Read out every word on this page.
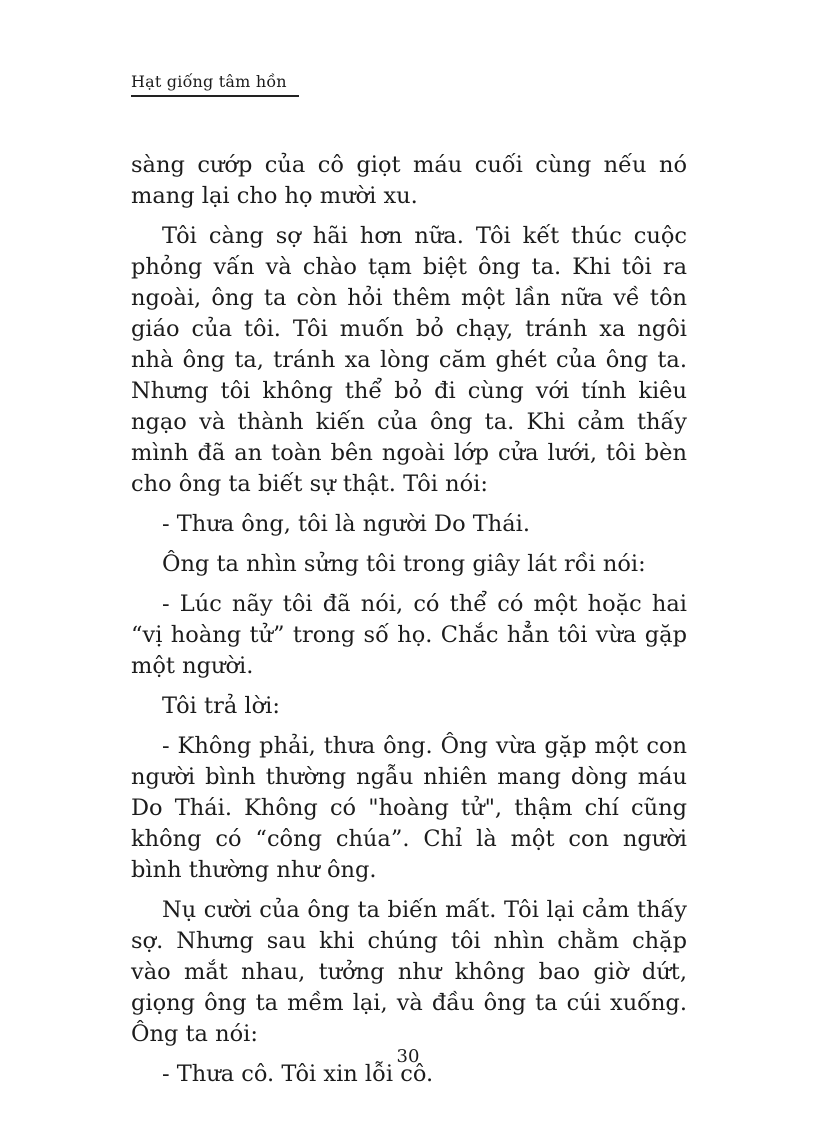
Hạt giống tâm hồn

sàng cướp của cô giọt máu cuối cùng nếu nó mang lại cho họ mười xu.

Tôi càng sợ hãi hơn nữa. Tôi kết thúc cuộc phỏng vấn và chào tạm biệt ông ta. Khi tôi ra ngoài, ông ta còn hỏi thêm một lần nữa về tôn giáo của tôi. Tôi muốn bỏ chạy, tránh xa ngôi nhà ông ta, tránh xa lòng căm ghét của ông ta. Nhưng tôi không thể bỏ đi cùng với tính kiêu ngạo và thành kiến của ông ta. Khi cảm thấy mình đã an toàn bên ngoài lớp cửa lưới, tôi bèn cho ông ta biết sự thật. Tôi nói:

- Thưa ông, tôi là người Do Thái.

Ông ta nhìn sửng tôi trong giây lát rồi nói:

- Lúc nãy tôi đã nói, có thể có một hoặc hai “vị hoàng tử” trong số họ. Chắc hẳn tôi vừa gặp một người.

Tôi trả lời:

- Không phải, thưa ông. Ông vừa gặp một con người bình thường ngẫu nhiên mang dòng máu Do Thái. Không có "hoàng tử", thậm chí cũng không có “công chúa”. Chỉ là một con người bình thường như ông.

Nụ cười của ông ta biến mất. Tôi lại cảm thấy sợ. Nhưng sau khi chúng tôi nhìn chằm chặp vào mắt nhau, tưởng như không bao giờ dứt, giọng ông ta mềm lại, và đầu ông ta cúi xuống. Ông ta nói:

- Thưa cô. Tôi xin lỗi cô.

30
